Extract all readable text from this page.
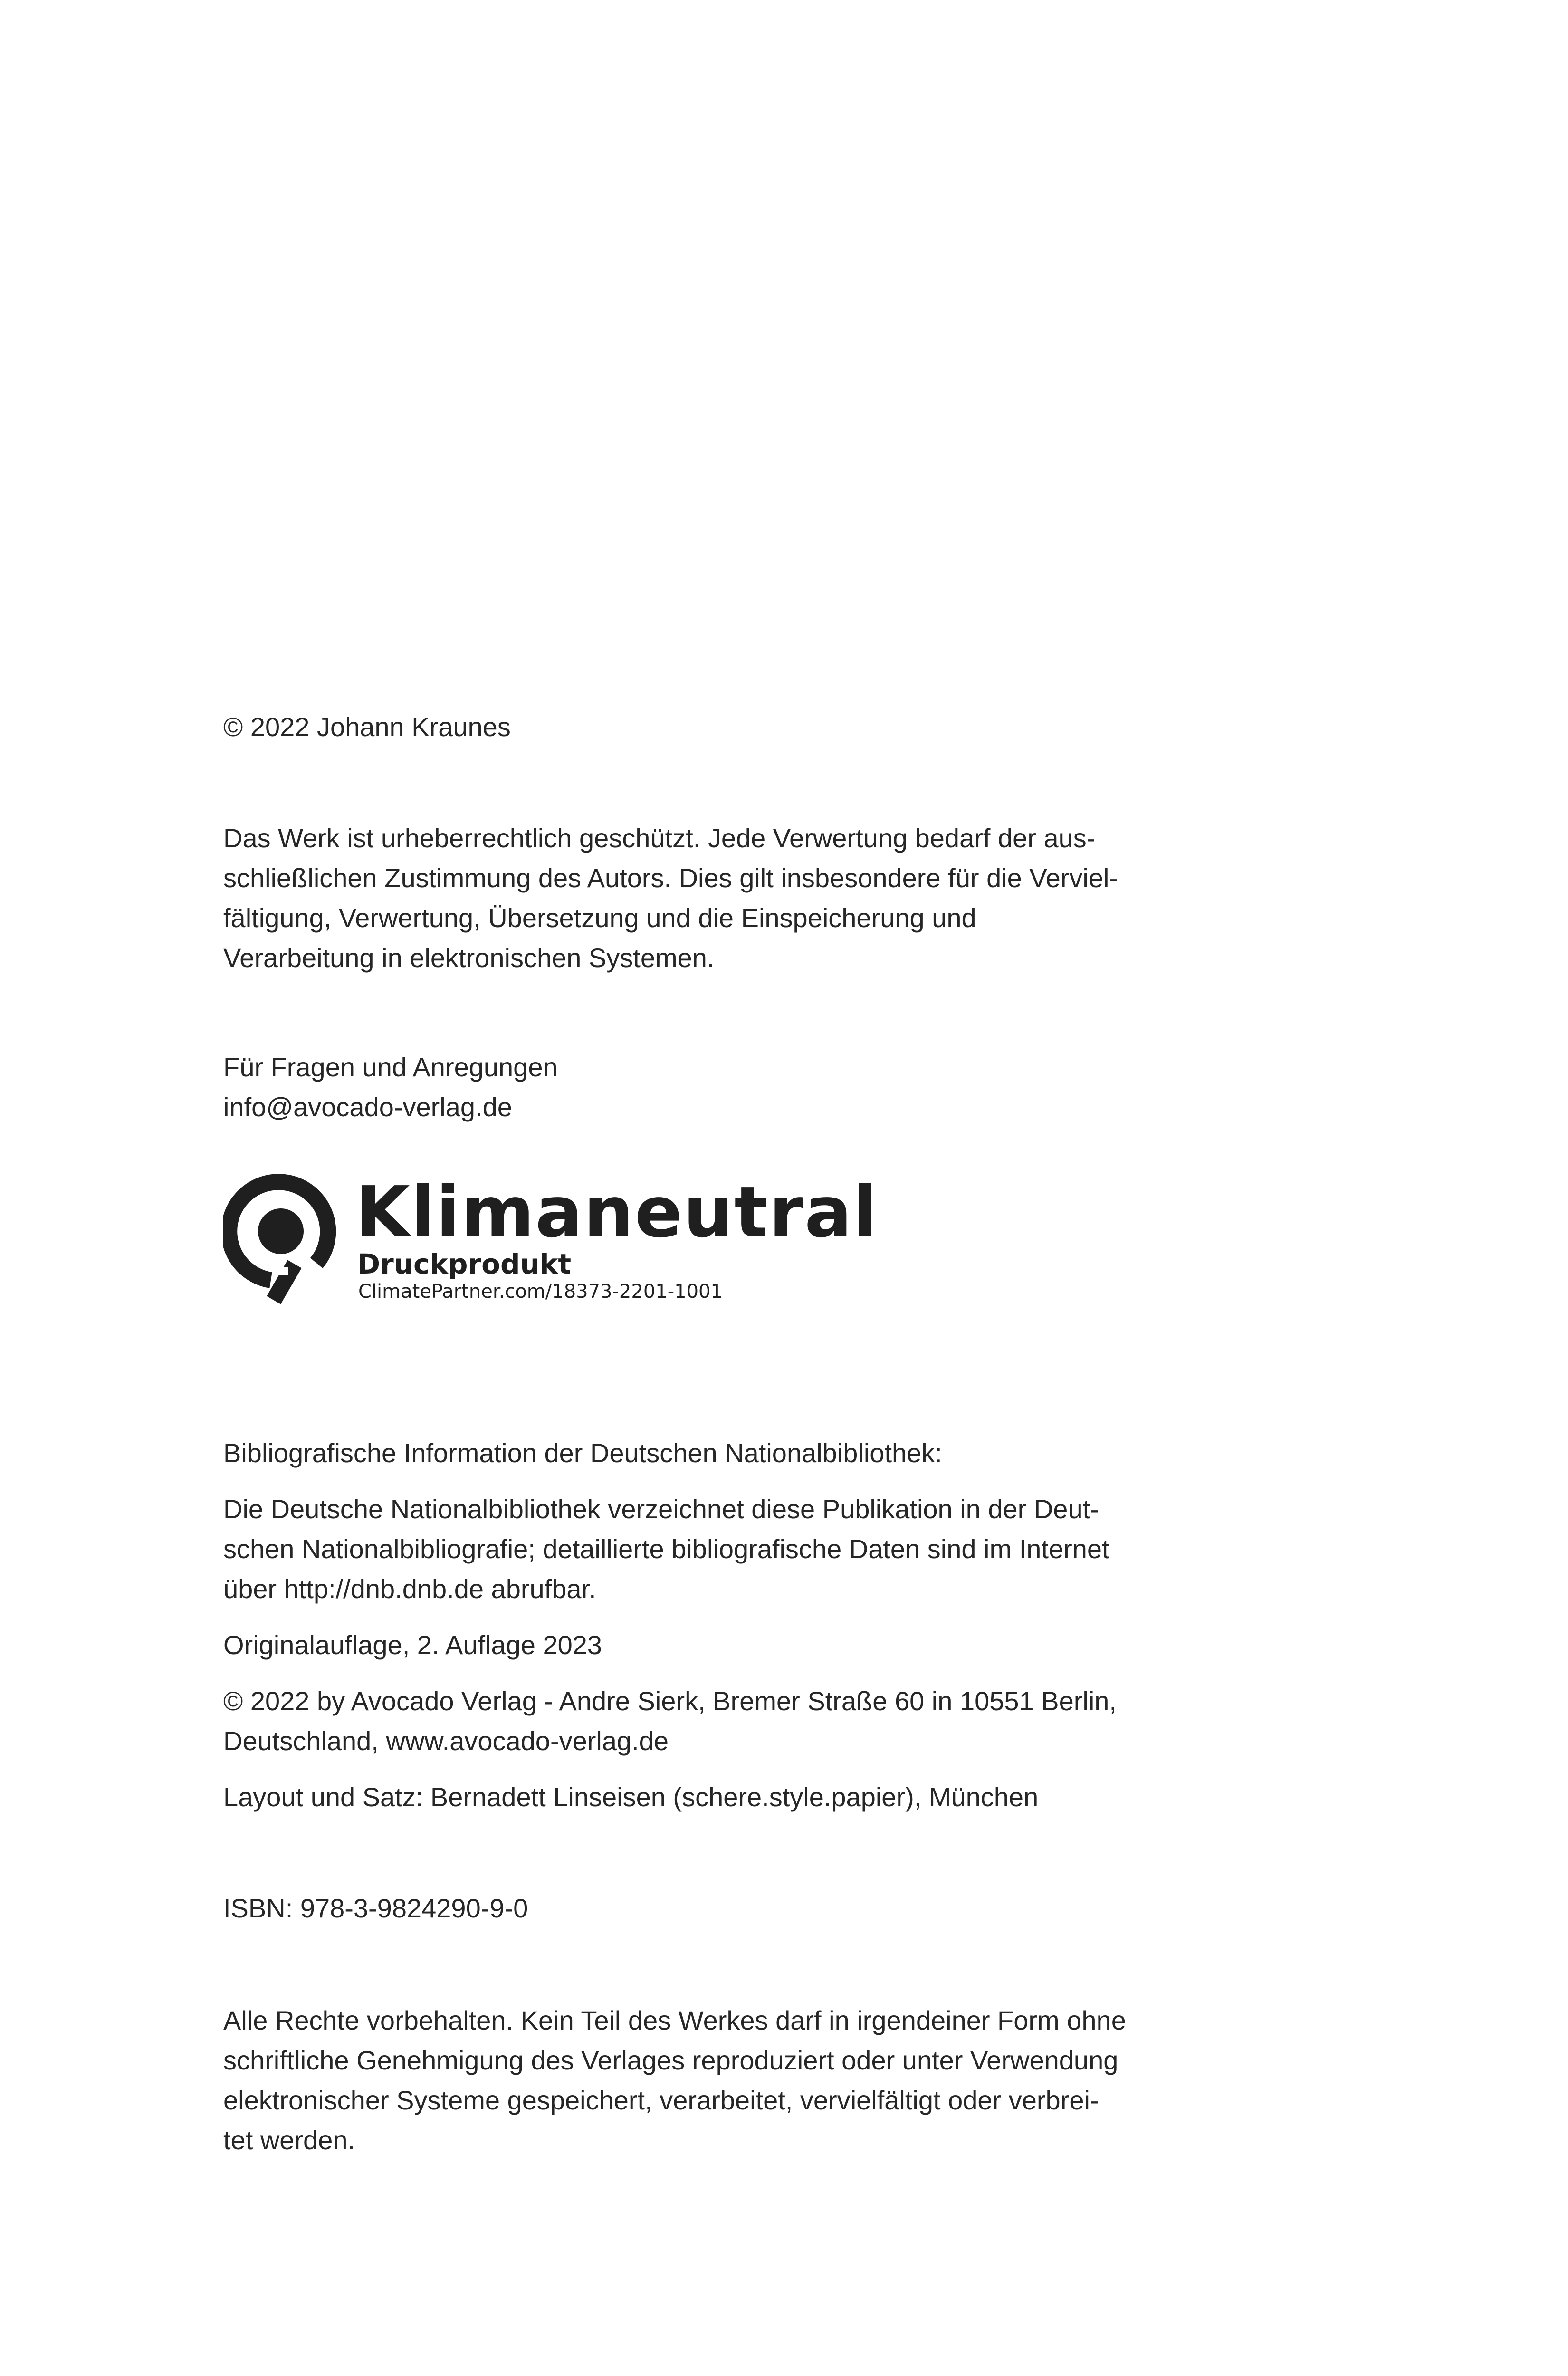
© 2022 Johann Kraunes

Das Werk ist urheberrechtlich geschützt. Jede Verwertung bedarf der aus-
schließlichen Zustimmung des Autors. Dies gilt insbesondere für die Verviel-
fältigung, Verwertung, Übersetzung und die Einspeicherung und
Verarbeitung in elektronischen Systemen.
Für Fragen und Anregungen
info@avocado-verlag.de
Klimaneutral
Druckprodukt
ClimatePartner.com/18373-2201-1001
Bibliografische Information der Deutschen Nationalbibliothek:
Die Deutsche Nationalbibliothek verzeichnet diese Publikation in der Deut-
schen Nationalbibliografie; detaillierte bibliografische Daten sind im Internet
über http://dnb.dnb.de abrufbar.
Originalauflage, 2. Auflage 2023
© 2022 by Avocado Verlag - Andre Sierk, Bremer Straße 60 in 10551 Berlin,
Deutschland, www.avocado-verlag.de
Layout und Satz: Bernadett Linseisen (schere.style.papier), München

ISBN: 978-3-9824290-9-0

Alle Rechte vorbehalten. Kein Teil des Werkes darf in irgendeiner Form ohne
schriftliche Genehmigung des Verlages reproduziert oder unter Verwendung
elektronischer Systeme gespeichert, verarbeitet, vervielfältigt oder verbrei-
tet werden.
